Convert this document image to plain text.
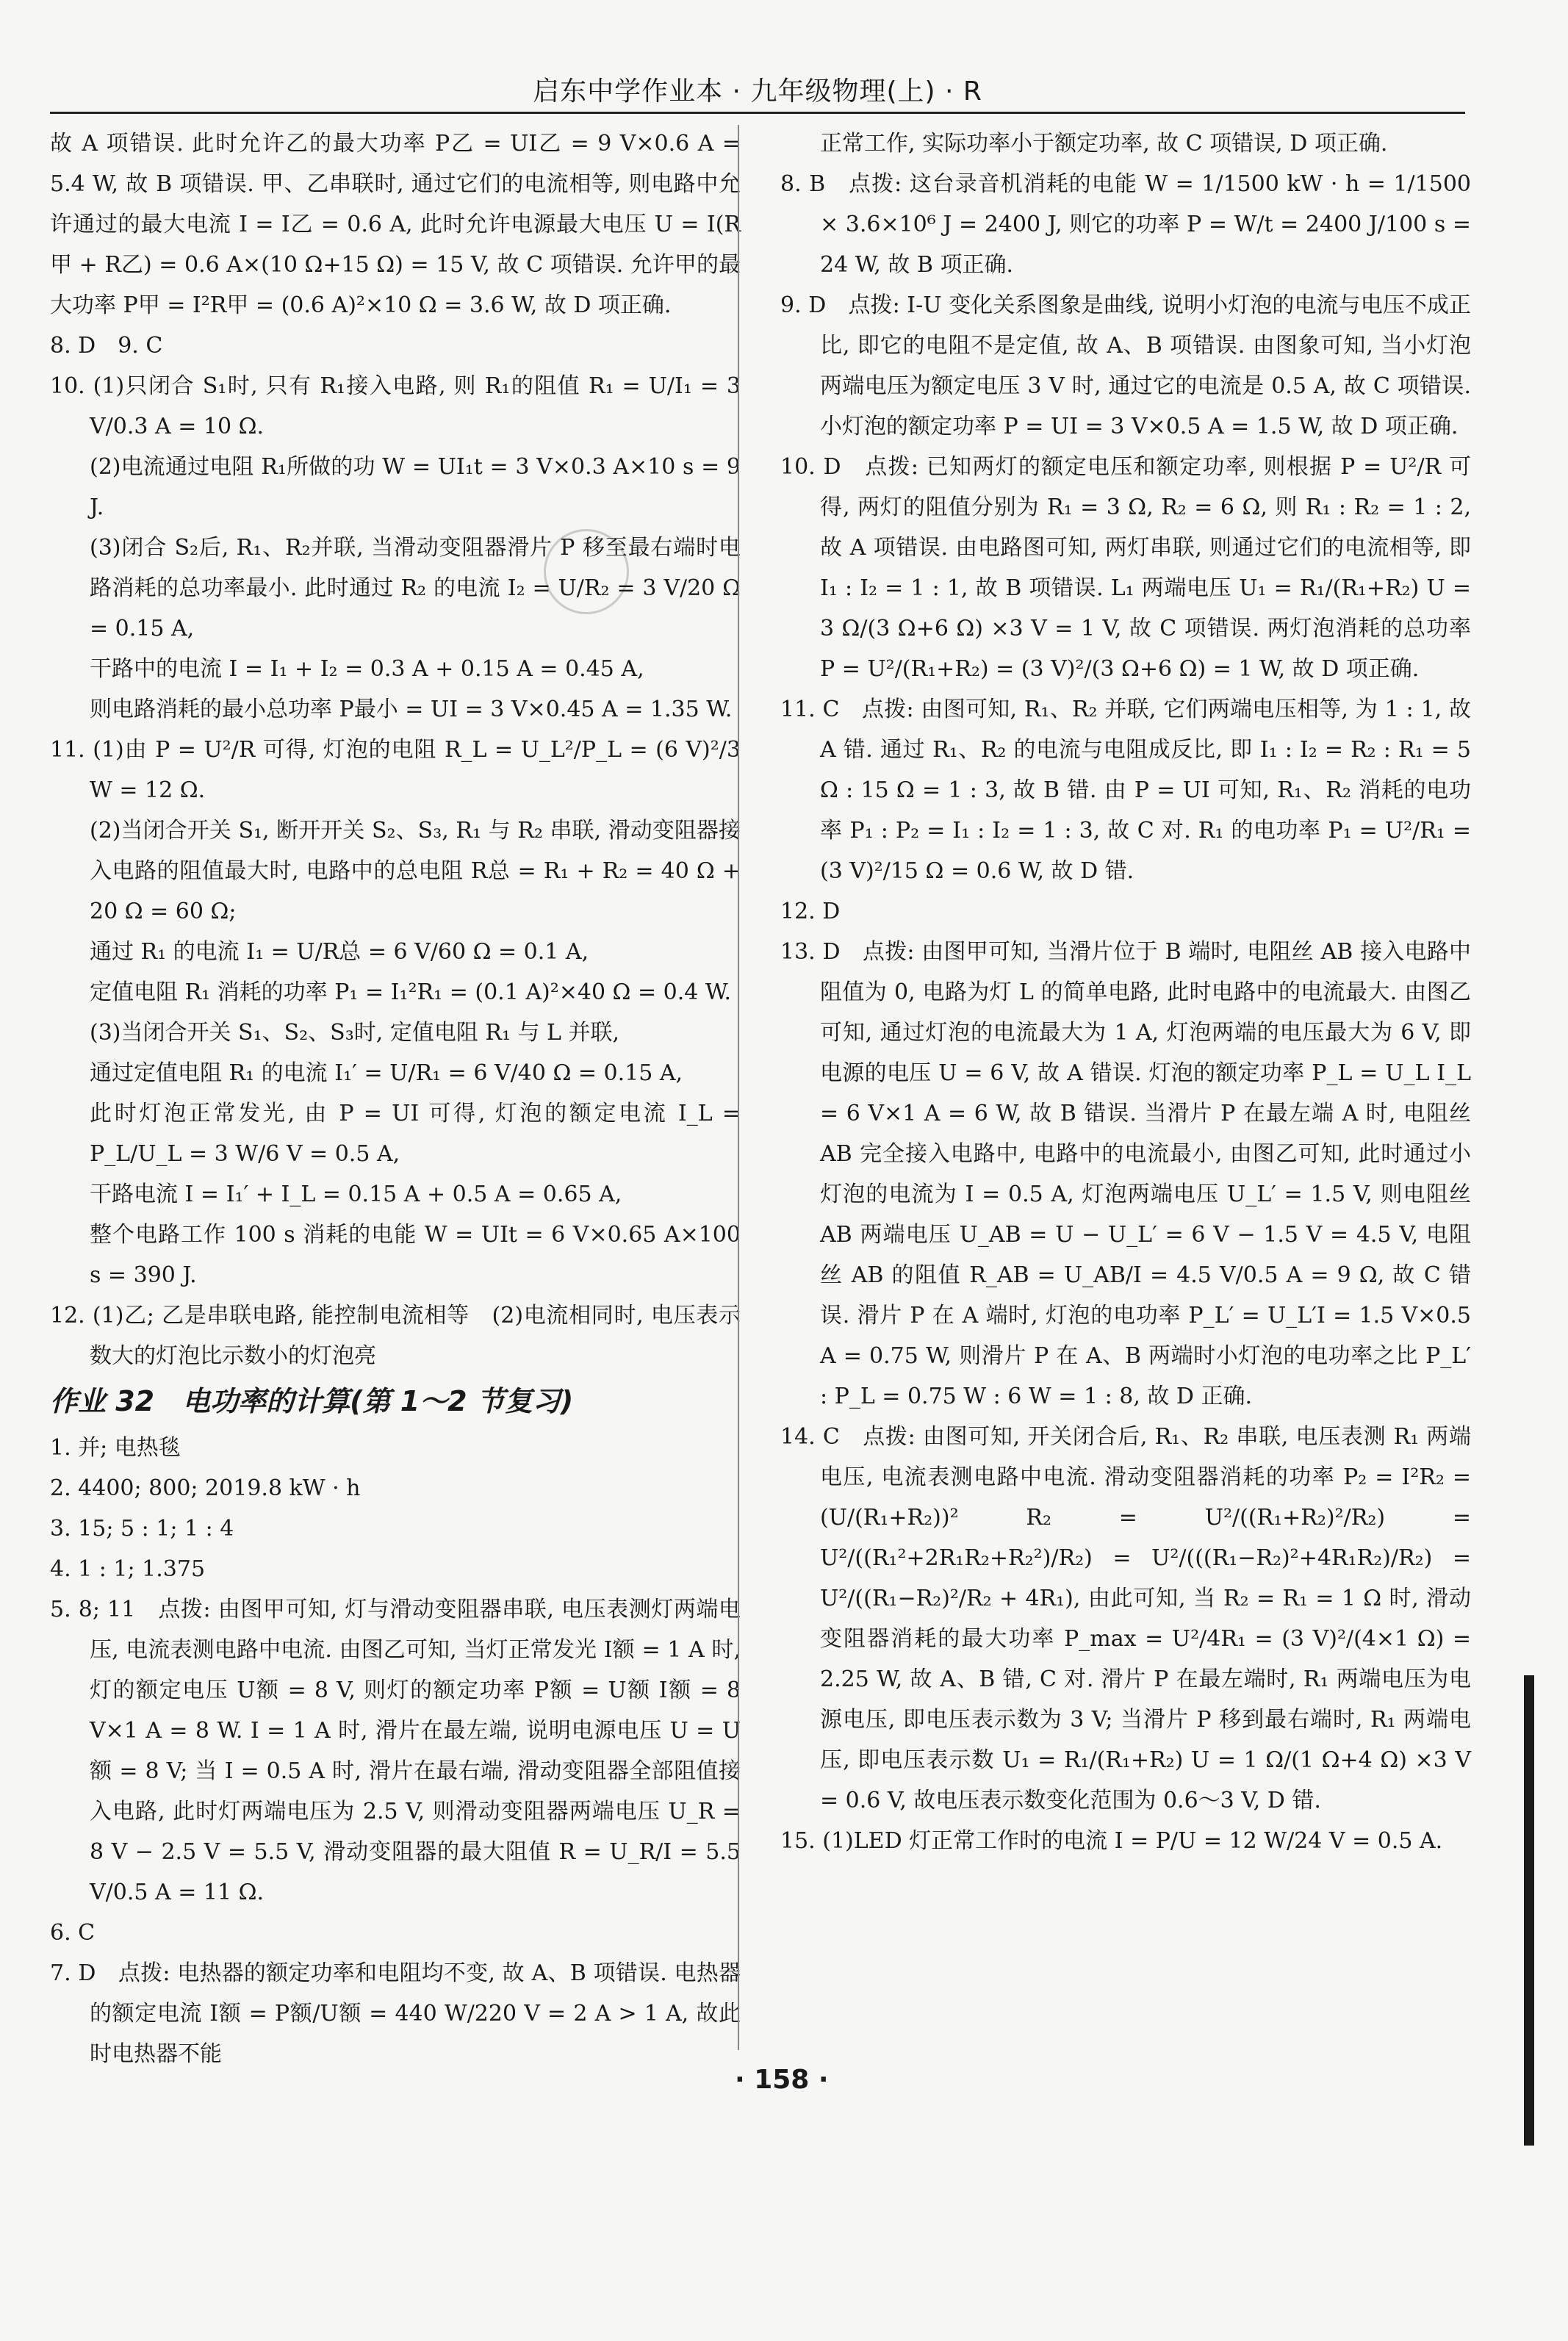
启东中学作业本 · 九年级物理(上) · R

故 A 项错误. 此时允许乙的最大功率 P乙 = UI乙 = 9 V×0.6 A = 5.4 W, 故 B 项错误. 甲、乙串联时, 通过它们的电流相等, 则电路中允许通过的最大电流 I = I乙 = 0.6 A, 此时允许电源最大电压 U = I(R甲 + R乙) = 0.6 A×(10 Ω+15 Ω) = 15 V, 故 C 项错误. 允许甲的最大功率 P甲 = I²R甲 = (0.6 A)²×10 Ω = 3.6 W, 故 D 项正确.

8. D　9. C

10. (1)只闭合 S₁时, 只有 R₁接入电路, 则 R₁的阻值 R₁ = U/I₁ = 3 V/0.3 A = 10 Ω.

(2)电流通过电阻 R₁所做的功 W = UI₁t = 3 V×0.3 A×10 s = 9 J.

(3)闭合 S₂后, R₁、R₂并联, 当滑动变阻器滑片 P 移至最右端时电路消耗的总功率最小. 此时通过 R₂ 的电流 I₂ = U/R₂ = 3 V/20 Ω = 0.15 A,

干路中的电流 I = I₁ + I₂ = 0.3 A + 0.15 A = 0.45 A,

则电路消耗的最小总功率 P最小 = UI = 3 V×0.45 A = 1.35 W.

11. (1)由 P = U²/R 可得, 灯泡的电阻 R_L = U_L²/P_L = (6 V)²/3 W = 12 Ω.

(2)当闭合开关 S₁, 断开开关 S₂、S₃, R₁ 与 R₂ 串联, 滑动变阻器接入电路的阻值最大时, 电路中的总电阻 R总 = R₁ + R₂ = 40 Ω + 20 Ω = 60 Ω;

通过 R₁ 的电流 I₁ = U/R总 = 6 V/60 Ω = 0.1 A,

定值电阻 R₁ 消耗的功率 P₁ = I₁²R₁ = (0.1 A)²×40 Ω = 0.4 W.

(3)当闭合开关 S₁、S₂、S₃时, 定值电阻 R₁ 与 L 并联,

通过定值电阻 R₁ 的电流 I₁′ = U/R₁ = 6 V/40 Ω = 0.15 A,

此时灯泡正常发光, 由 P = UI 可得, 灯泡的额定电流 I_L = P_L/U_L = 3 W/6 V = 0.5 A,

干路电流 I = I₁′ + I_L = 0.15 A + 0.5 A = 0.65 A,

整个电路工作 100 s 消耗的电能 W = UIt = 6 V×0.65 A×100 s = 390 J.

12. (1)乙; 乙是串联电路, 能控制电流相等　(2)电流相同时, 电压表示数大的灯泡比示数小的灯泡亮

作业 32　电功率的计算(第 1～2 节复习)

1. 并; 电热毯

2. 4400; 800; 2019.8 kW · h

3. 15; 5 : 1; 1 : 4

4. 1 : 1; 1.375

5. 8; 11　点拨: 由图甲可知, 灯与滑动变阻器串联, 电压表测灯两端电压, 电流表测电路中电流. 由图乙可知, 当灯正常发光 I额 = 1 A 时, 灯的额定电压 U额 = 8 V, 则灯的额定功率 P额 = U额 I额 = 8 V×1 A = 8 W. I = 1 A 时, 滑片在最左端, 说明电源电压 U = U额 = 8 V; 当 I = 0.5 A 时, 滑片在最右端, 滑动变阻器全部阻值接入电路, 此时灯两端电压为 2.5 V, 则滑动变阻器两端电压 U_R = 8 V − 2.5 V = 5.5 V, 滑动变阻器的最大阻值 R = U_R/I = 5.5 V/0.5 A = 11 Ω.

6. C

7. D　点拨: 电热器的额定功率和电阻均不变, 故 A、B 项错误. 电热器的额定电流 I额 = P额/U额 = 440 W/220 V = 2 A > 1 A, 故此时电热器不能

正常工作, 实际功率小于额定功率, 故 C 项错误, D 项正确.

8. B　点拨: 这台录音机消耗的电能 W = 1/1500 kW · h = 1/1500 × 3.6×10⁶ J = 2400 J, 则它的功率 P = W/t = 2400 J/100 s = 24 W, 故 B 项正确.

9. D　点拨: I-U 变化关系图象是曲线, 说明小灯泡的电流与电压不成正比, 即它的电阻不是定值, 故 A、B 项错误. 由图象可知, 当小灯泡两端电压为额定电压 3 V 时, 通过它的电流是 0.5 A, 故 C 项错误. 小灯泡的额定功率 P = UI = 3 V×0.5 A = 1.5 W, 故 D 项正确.

10. D　点拨: 已知两灯的额定电压和额定功率, 则根据 P = U²/R 可得, 两灯的阻值分别为 R₁ = 3 Ω, R₂ = 6 Ω, 则 R₁ : R₂ = 1 : 2, 故 A 项错误. 由电路图可知, 两灯串联, 则通过它们的电流相等, 即 I₁ : I₂ = 1 : 1, 故 B 项错误. L₁ 两端电压 U₁ = R₁/(R₁+R₂) U = 3 Ω/(3 Ω+6 Ω) ×3 V = 1 V, 故 C 项错误. 两灯泡消耗的总功率 P = U²/(R₁+R₂) = (3 V)²/(3 Ω+6 Ω) = 1 W, 故 D 项正确.

11. C　点拨: 由图可知, R₁、R₂ 并联, 它们两端电压相等, 为 1 : 1, 故 A 错. 通过 R₁、R₂ 的电流与电阻成反比, 即 I₁ : I₂ = R₂ : R₁ = 5 Ω : 15 Ω = 1 : 3, 故 B 错. 由 P = UI 可知, R₁、R₂ 消耗的电功率 P₁ : P₂ = I₁ : I₂ = 1 : 3, 故 C 对. R₁ 的电功率 P₁ = U²/R₁ = (3 V)²/15 Ω = 0.6 W, 故 D 错.

12. D

13. D　点拨: 由图甲可知, 当滑片位于 B 端时, 电阻丝 AB 接入电路中阻值为 0, 电路为灯 L 的简单电路, 此时电路中的电流最大. 由图乙可知, 通过灯泡的电流最大为 1 A, 灯泡两端的电压最大为 6 V, 即电源的电压 U = 6 V, 故 A 错误. 灯泡的额定功率 P_L = U_L I_L = 6 V×1 A = 6 W, 故 B 错误. 当滑片 P 在最左端 A 时, 电阻丝 AB 完全接入电路中, 电路中的电流最小, 由图乙可知, 此时通过小灯泡的电流为 I = 0.5 A, 灯泡两端电压 U_L′ = 1.5 V, 则电阻丝 AB 两端电压 U_AB = U − U_L′ = 6 V − 1.5 V = 4.5 V, 电阻丝 AB 的阻值 R_AB = U_AB/I = 4.5 V/0.5 A = 9 Ω, 故 C 错误. 滑片 P 在 A 端时, 灯泡的电功率 P_L′ = U_L′I = 1.5 V×0.5 A = 0.75 W, 则滑片 P 在 A、B 两端时小灯泡的电功率之比 P_L′ : P_L = 0.75 W : 6 W = 1 : 8, 故 D 正确.

14. C　点拨: 由图可知, 开关闭合后, R₁、R₂ 串联, 电压表测 R₁ 两端电压, 电流表测电路中电流. 滑动变阻器消耗的功率 P₂ = I²R₂ = (U/(R₁+R₂))² R₂ = U²/((R₁+R₂)²/R₂) = U²/((R₁²+2R₁R₂+R₂²)/R₂) = U²/(((R₁−R₂)²+4R₁R₂)/R₂) = U²/((R₁−R₂)²/R₂ + 4R₁), 由此可知, 当 R₂ = R₁ = 1 Ω 时, 滑动变阻器消耗的最大功率 P_max = U²/4R₁ = (3 V)²/(4×1 Ω) = 2.25 W, 故 A、B 错, C 对. 滑片 P 在最左端时, R₁ 两端电压为电源电压, 即电压表示数为 3 V; 当滑片 P 移到最右端时, R₁ 两端电压, 即电压表示数 U₁ = R₁/(R₁+R₂) U = 1 Ω/(1 Ω+4 Ω) ×3 V = 0.6 V, 故电压表示数变化范围为 0.6～3 V, D 错.

15. (1)LED 灯正常工作时的电流 I = P/U = 12 W/24 V = 0.5 A.

· 158 ·
